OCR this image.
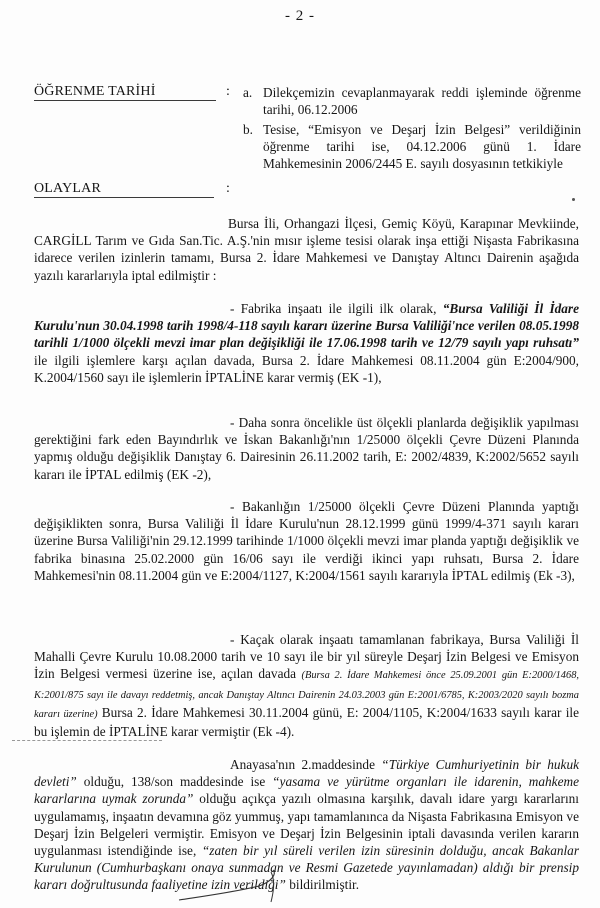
- 2 -
ÖĞRENME TARİHİ	: a. Dilekçemizin cevaplanmayarak reddi işleminde öğrenme tarihi, 06.12.2006
b. Tesise, “Emisyon ve Deşarj İzin Belgesi” verildiğinin öğrenme tarihi ise, 04.12.2006 günü 1. İdare Mahkemesinin 2006/2445 E. sayılı dosyasının tetkikiyle
OLAYLAR	:
Bursa İli, Orhangazi İlçesi, Gemiç Köyü, Karapınar Mevkiinde, CARGİLL Tarım ve Gıda San.Tic. A.Ş.'nin mısır işleme tesisi olarak inşa ettiği Nişasta Fabrikasına idarece verilen izinlerin tamamı, Bursa 2. İdare Mahkemesi ve Danıştay Altıncı Dairenin aşağıda yazılı kararlarıyla iptal edilmiştir :
- Fabrika inşaatı ile ilgili ilk olarak, “Bursa Valiliği İl İdare Kurulu'nun 30.04.1998 tarih 1998/4-118 sayılı kararı üzerine Bursa Valiliği'nce verilen 08.05.1998 tarihli 1/1000 ölçekli mevzi imar plan değişikliği ile 17.06.1998 tarih ve 12/79 sayılı yapı ruhsatı” ile ilgili işlemlere karşı açılan davada, Bursa 2. İdare Mahkemesi 08.11.2004 gün E:2004/900, K.2004/1560 sayı ile işlemlerin İPTALİNE karar vermiş (EK -1),
- Daha sonra öncelikle üst ölçekli planlarda değişiklik yapılması gerektiğini fark eden Bayındırlık ve İskan Bakanlığı'nın 1/25000 ölçekli Çevre Düzeni Planında yapmış olduğu değişiklik Danıştay 6. Dairesinin 26.11.2002 tarih, E: 2002/4839, K:2002/5652 sayılı kararı ile İPTAL edilmiş (EK -2),
- Bakanlığın 1/25000 ölçekli Çevre Düzeni Planında yaptığı değişiklikten sonra, Bursa Valiliği İl İdare Kurulu'nun 28.12.1999 günü 1999/4-371 sayılı kararı üzerine Bursa Valiliği'nin 29.12.1999 tarihinde 1/1000 ölçekli mevzi imar planda yaptığı değişiklik ve fabrika binasına 25.02.2000 gün 16/06 sayı ile verdiği ikinci yapı ruhsatı, Bursa 2. İdare Mahkemesi'nin 08.11.2004 gün ve E:2004/1127, K:2004/1561 sayılı kararıyla İPTAL edilmiş (Ek -3),
- Kaçak olarak inşaatı tamamlanan fabrikaya, Bursa Valiliği İl Mahalli Çevre Kurulu 10.08.2000 tarih ve 10 sayı ile bir yıl süreyle Deşarj İzin Belgesi ve Emisyon İzin Belgesi vermesi üzerine ise, açılan davada (Bursa 2. İdare Mahkemesi önce 25.09.2001 gün E:2000/1468, K:2001/875 sayı ile davayı reddetmiş, ancak Danıştay Altıncı Dairenin 24.03.2003 gün E:2001/6785, K:2003/2020 sayılı bozma kararı üzerine) Bursa 2. İdare Mahkemesi 30.11.2004 günü, E: 2004/1105, K:2004/1633 sayılı karar ile bu işlemin de İPTALİNE karar vermiştir (Ek -4).
Anayasa'nın 2.maddesinde “Türkiye Cumhuriyetinin bir hukuk devleti” olduğu, 138/son maddesinde ise “yasama ve yürütme organları ile idarenin, mahkeme kararlarına uymak zorunda” olduğu açıkça yazılı olmasına karşılık, davalı idare yargı kararlarını uygulamamış, inşaatın devamına göz yummuş, yapı tamamlanınca da Nişasta Fabrikasına Emisyon ve Deşarj İzin Belgeleri vermiştir. Emisyon ve Deşarj İzin Belgesinin iptali davasında verilen kararın uygulanması istendiğinde ise, “zaten bir yıl süreli verilen izin süresinin dolduğu, ancak Bakanlar Kurulunun (Cumhurbaşkanı onaya sunmadan ve Resmi Gazetede yayınlamadan) aldığı bir prensip kararı doğrultusunda faaliyetine izin verildiği” bildirilmiştir.
